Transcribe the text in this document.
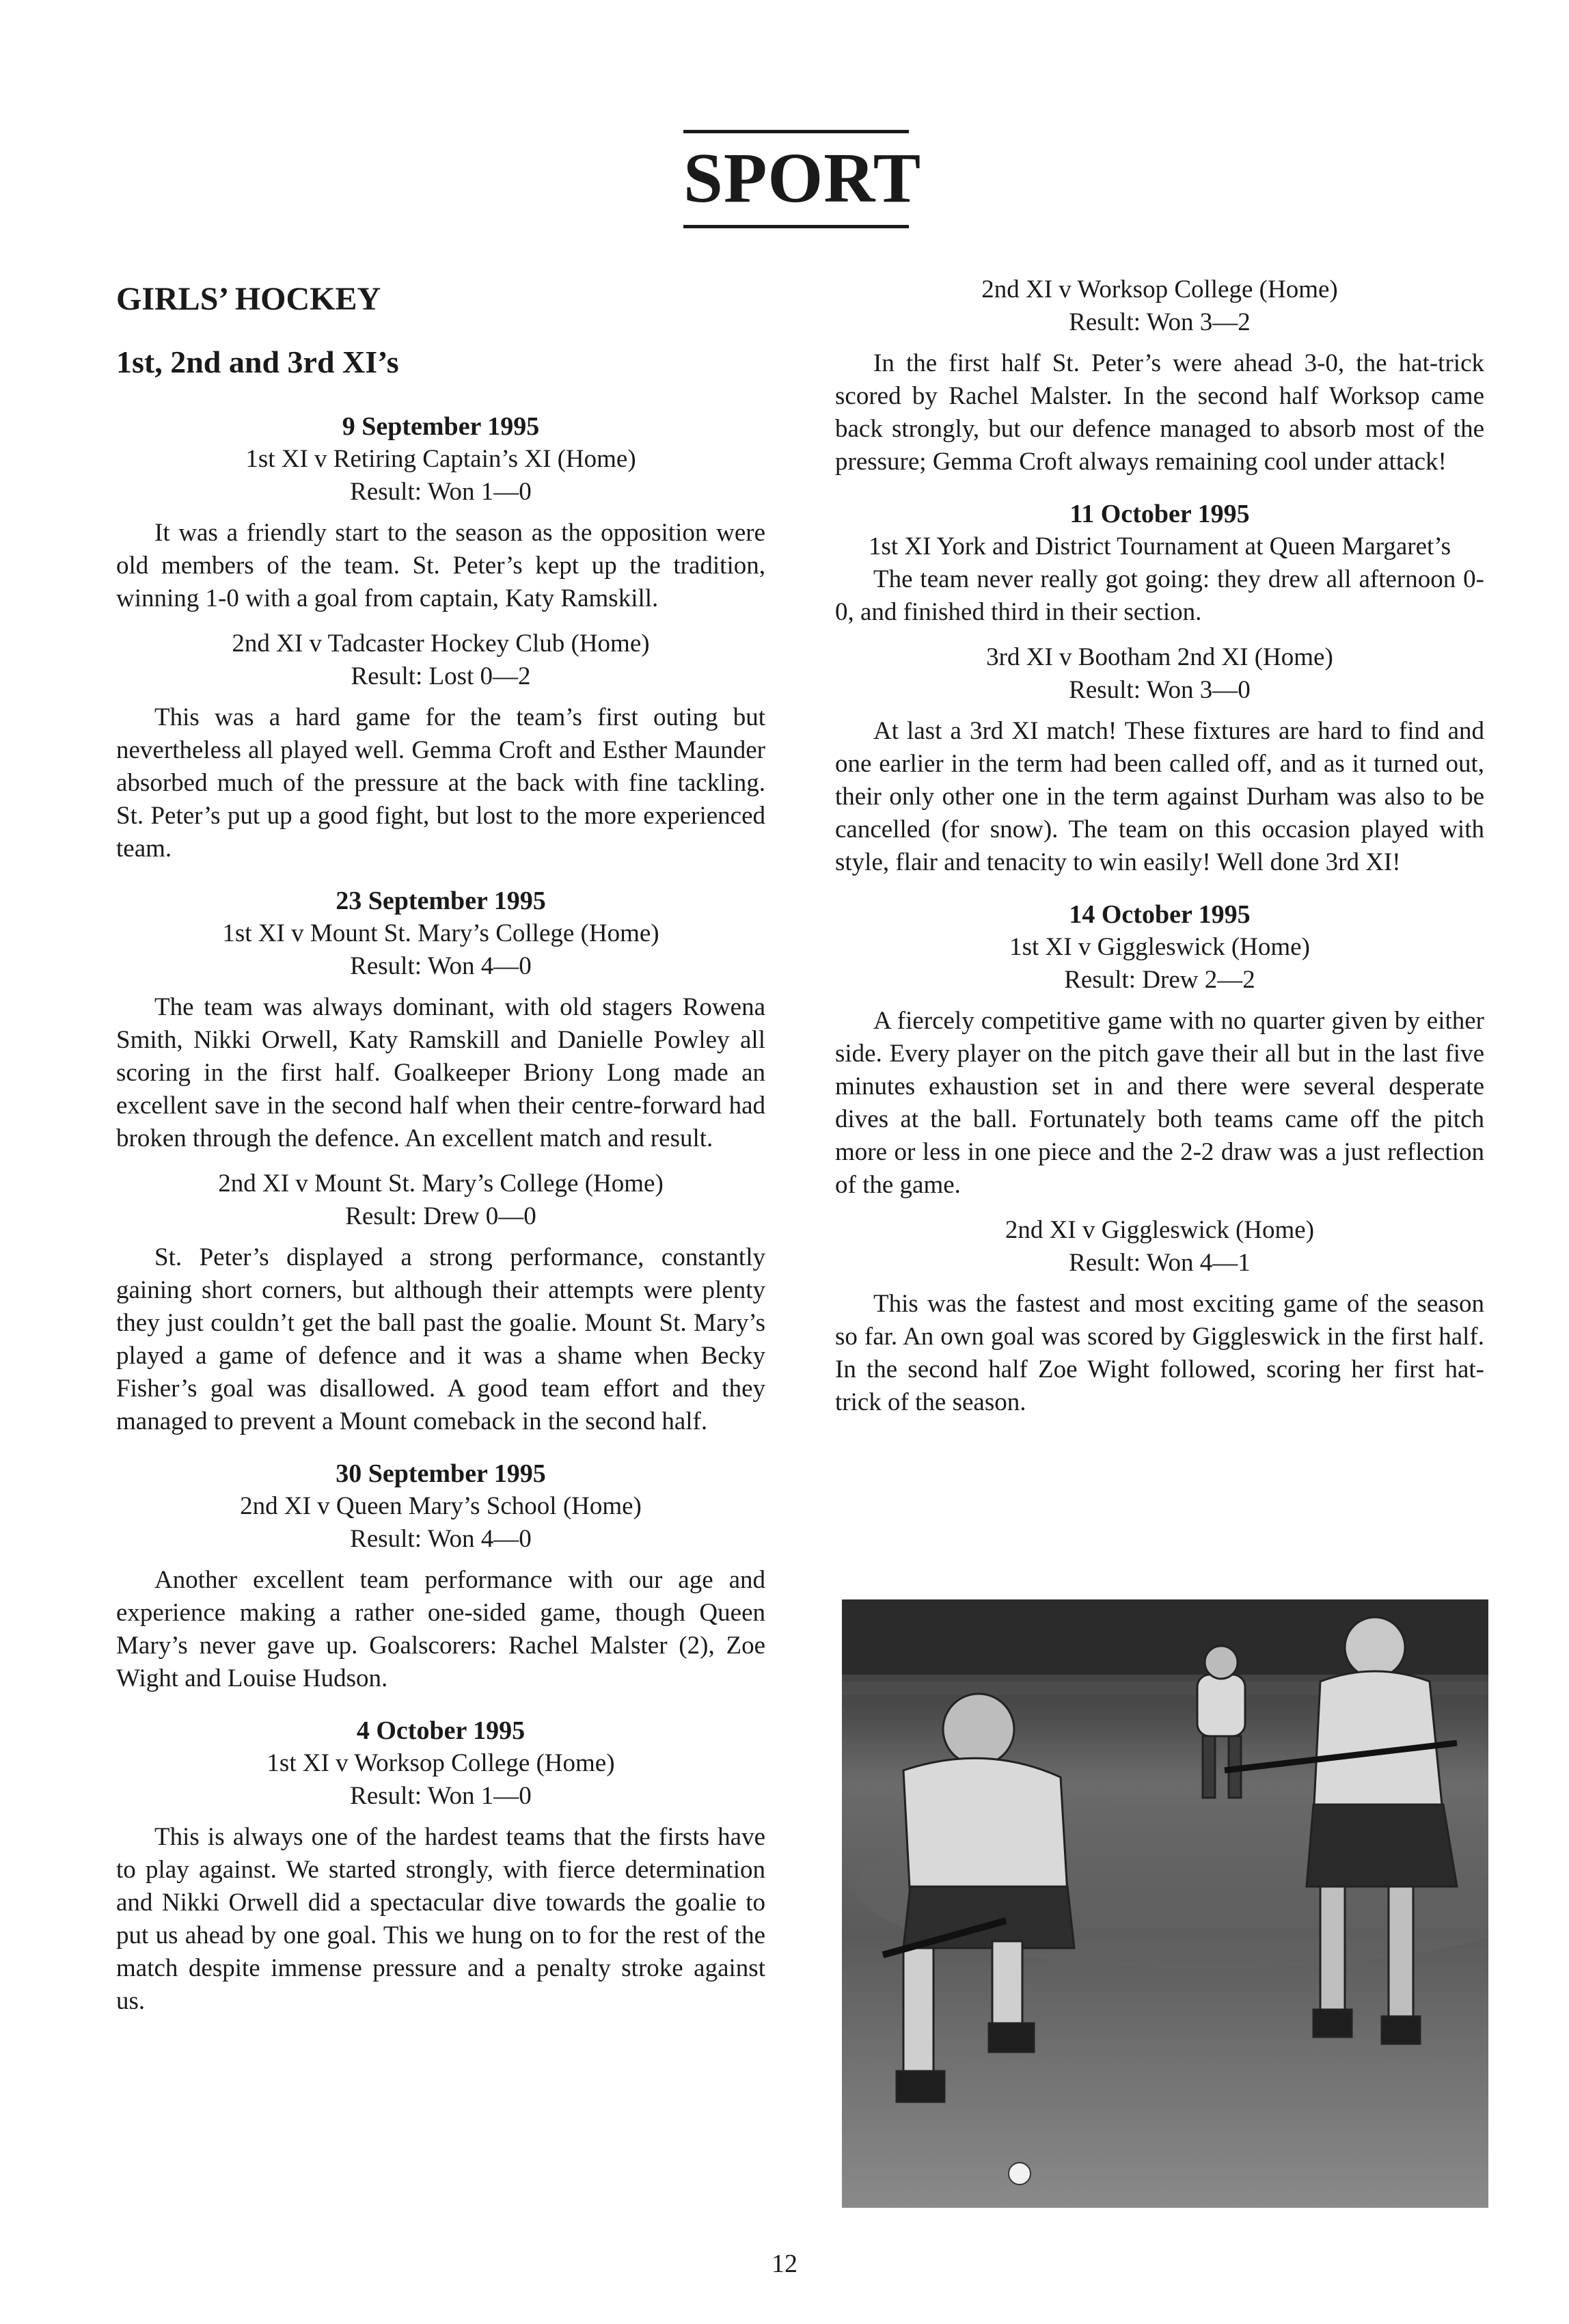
SPORT
GIRLS’ HOCKEY
1st, 2nd and 3rd XI’s
9 September 1995
1st XI v Retiring Captain’s XI (Home)
Result: Won 1—0

It was a friendly start to the season as the opposition were old members of the team. St. Peter’s kept up the tradition, winning 1-0 with a goal from captain, Katy Ramskill.

2nd XI v Tadcaster Hockey Club (Home)
Result: Lost 0—2

This was a hard game for the team’s first outing but nevertheless all played well. Gemma Croft and Esther Maunder absorbed much of the pressure at the back with fine tackling. St. Peter’s put up a good fight, but lost to the more experienced team.

23 September 1995
1st XI v Mount St. Mary’s College (Home)
Result: Won 4—0

The team was always dominant, with old stagers Rowena Smith, Nikki Orwell, Katy Ramskill and Danielle Powley all scoring in the first half. Goalkeeper Briony Long made an excellent save in the second half when their centre-forward had broken through the defence. An excellent match and result.

2nd XI v Mount St. Mary’s College (Home)
Result: Drew 0—0

St. Peter’s displayed a strong performance, constantly gaining short corners, but although their attempts were plenty they just couldn’t get the ball past the goalie. Mount St. Mary’s played a game of defence and it was a shame when Becky Fisher’s goal was disallowed. A good team effort and they managed to prevent a Mount comeback in the second half.

30 September 1995
2nd XI v Queen Mary’s School (Home)
Result: Won 4—0

Another excellent team performance with our age and experience making a rather one-sided game, though Queen Mary’s never gave up. Goalscorers: Rachel Malster (2), Zoe Wight and Louise Hudson.

4 October 1995
1st XI v Worksop College (Home)
Result: Won 1—0

This is always one of the hardest teams that the firsts have to play against. We started strongly, with fierce determination and Nikki Orwell did a spectacular dive towards the goalie to put us ahead by one goal. This we hung on to for the rest of the match despite immense pressure and a penalty stroke against us.

2nd XI v Worksop College (Home)
Result: Won 3—2

In the first half St. Peter’s were ahead 3-0, the hat-trick scored by Rachel Malster. In the second half Worksop came back strongly, but our defence managed to absorb most of the pressure; Gemma Croft always remaining cool under attack!

11 October 1995
1st XI York and District Tournament at Queen Margaret’s

The team never really got going: they drew all afternoon 0-0, and finished third in their section.

3rd XI v Bootham 2nd XI (Home)
Result: Won 3—0

At last a 3rd XI match! These fixtures are hard to find and one earlier in the term had been called off, and as it turned out, their only other one in the term against Durham was also to be cancelled (for snow). The team on this occasion played with style, flair and tenacity to win easily! Well done 3rd XI!

14 October 1995
1st XI v Giggleswick (Home)
Result: Drew 2—2

A fiercely competitive game with no quarter given by either side. Every player on the pitch gave their all but in the last five minutes exhaustion set in and there were several desperate dives at the ball. Fortunately both teams came off the pitch more or less in one piece and the 2-2 draw was a just reflection of the game.

2nd XI v Giggleswick (Home)
Result: Won 4—1

This was the fastest and most exciting game of the season so far. An own goal was scored by Giggleswick in the first half. In the second half Zoe Wight followed, scoring her first hat-trick of the season.

12
